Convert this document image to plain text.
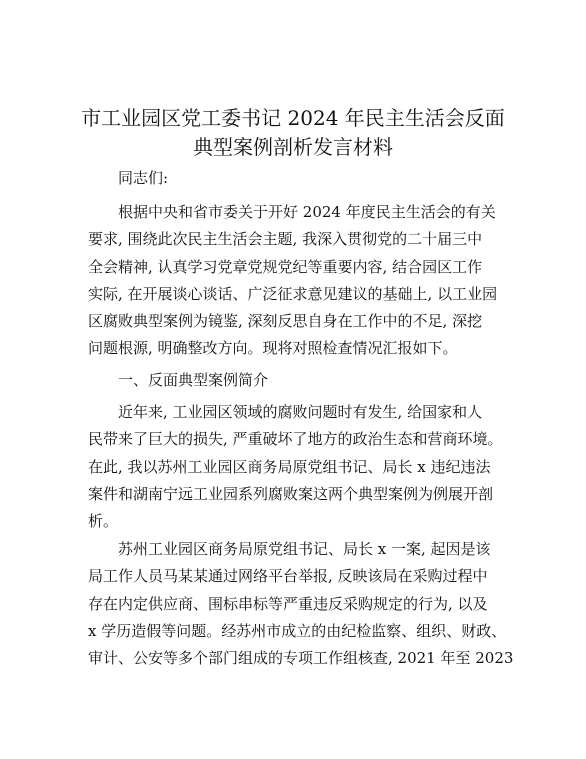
市工业园区党工委书记 2024 年民主生活会反面
典型案例剖析发言材料
同志们:
根据中央和省市委关于开好 2024 年度民主生活会的有关
要求, 围绕此次民主生活会主题, 我深入贯彻党的二十届三中
全会精神, 认真学习党章党规党纪等重要内容, 结合园区工作
实际, 在开展谈心谈话、广泛征求意见建议的基础上, 以工业园
区腐败典型案例为镜鉴, 深刻反思自身在工作中的不足, 深挖
问题根源, 明确整改方向。现将对照检查情况汇报如下。
一、反面典型案例简介
近年来, 工业园区领域的腐败问题时有发生, 给国家和人
民带来了巨大的损失, 严重破坏了地方的政治生态和营商环境。
在此, 我以苏州工业园区商务局原党组书记、局长 x 违纪违法
案件和湖南宁远工业园系列腐败案这两个典型案例为例展开剖
析。
苏州工业园区商务局原党组书记、局长 x 一案, 起因是该
局工作人员马某某通过网络平台举报, 反映该局在采购过程中
存在内定供应商、围标串标等严重违反采购规定的行为, 以及
x 学历造假等问题。经苏州市成立的由纪检监察、组织、财政、
审计、公安等多个部门组成的专项工作组核查, 2021 年至 2023
